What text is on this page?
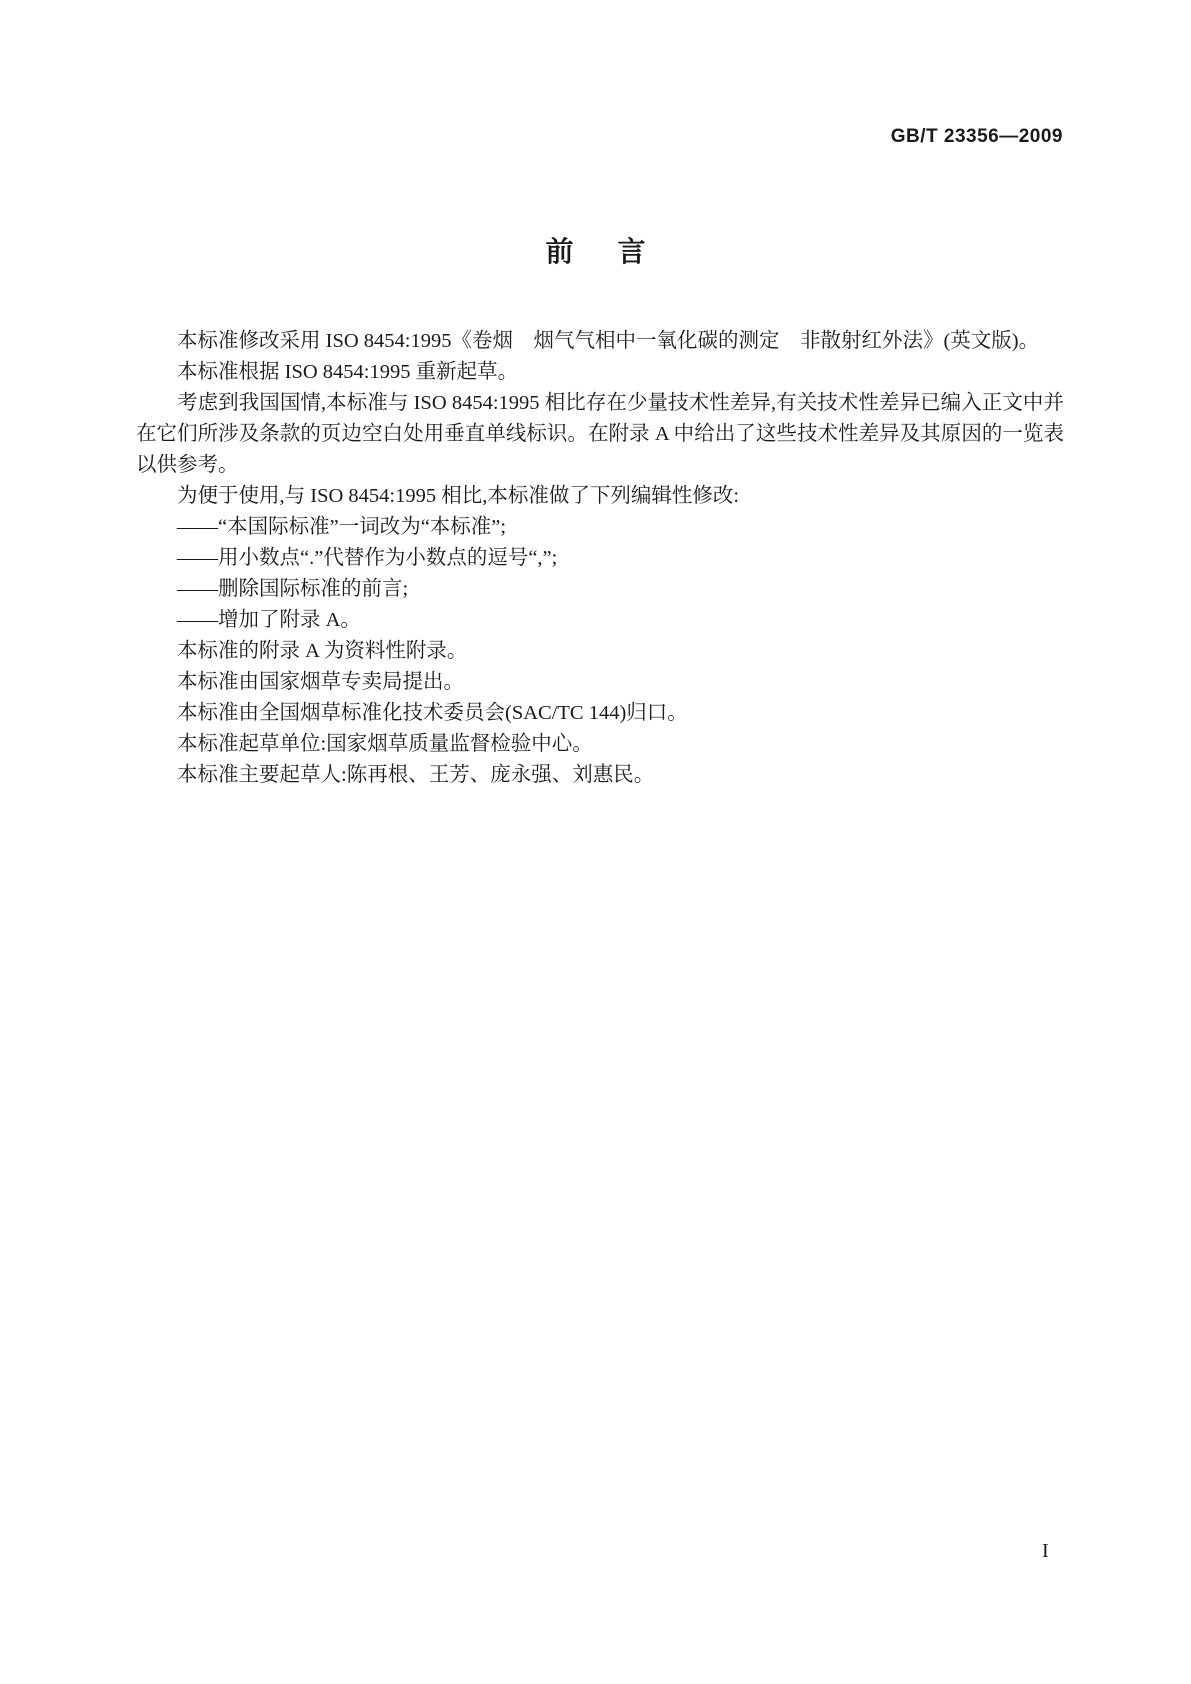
GB/T 23356—2009
前言

本标准修改采用 ISO 8454:1995《卷烟　烟气气相中一氧化碳的测定　非散射红外法》(英文版)。

本标准根据 ISO 8454:1995 重新起草。

考虑到我国国情,本标准与 ISO 8454:1995 相比存在少量技术性差异,有关技术性差异已编入正文中并在它们所涉及条款的页边空白处用垂直单线标识。在附录 A 中给出了这些技术性差异及其原因的一览表以供参考。

为便于使用,与 ISO 8454:1995 相比,本标准做了下列编辑性修改:

——“本国际标准”一词改为“本标准”;

——用小数点“.”代替作为小数点的逗号“,”;

——删除国际标准的前言;

——增加了附录 A。

本标准的附录 A 为资料性附录。

本标准由国家烟草专卖局提出。

本标准由全国烟草标准化技术委员会(SAC/TC 144)归口。

本标准起草单位:国家烟草质量监督检验中心。

本标准主要起草人:陈再根、王芳、庞永强、刘惠民。

I
